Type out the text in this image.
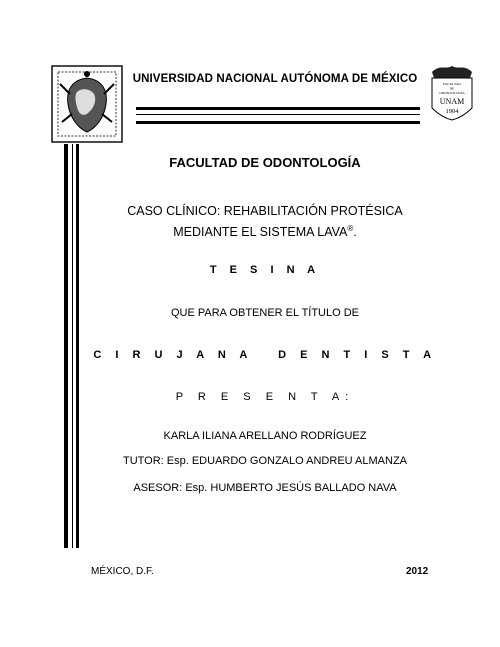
UNIVERSIDAD NACIONAL AUTÓNOMA DE MÉXICO	FACULTAD
DE
ODONTOLOGÍA
UNAM
1904
FACULTAD DE ODONTOLOGÍA
CASO CLÍNICO: REHABILITACIÓN PROTÉSICA
MEDIANTE EL SISTEMA LAVA®.
T E S I N A
QUE PARA OBTENER EL TÍTULO DE
C I R U J A N A   D E N T I S T A
P R E S E N T A:
KARLA ILIANA ARELLANO RODRÍGUEZ
TUTOR: Esp. EDUARDO GONZALO ANDREU ALMANZA
ASESOR: Esp. HUMBERTO JESÚS BALLADO NAVA
MÉXICO, D.F.	2012
